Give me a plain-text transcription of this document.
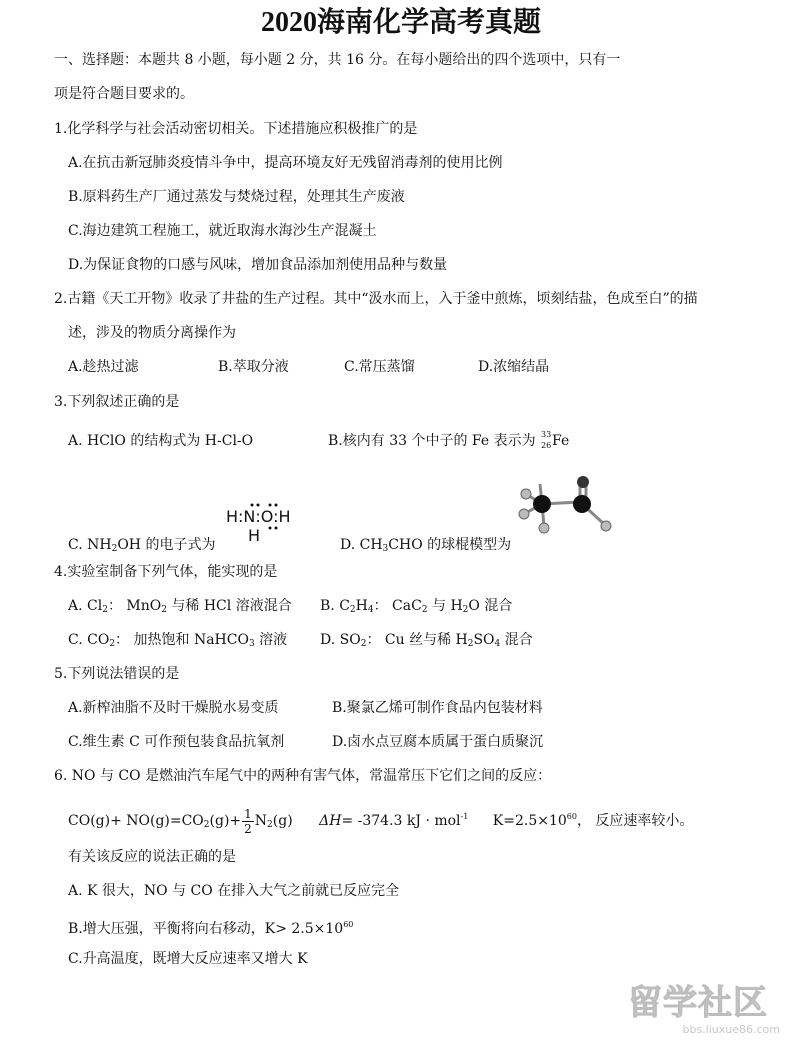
2020海南化学高考真题
一、选择题：本题共 8 小题，每小题 2 分，共 16 分。在每小题给出的四个选项中，只有一
项是符合题目要求的。
1.化学科学与社会活动密切相关。下述措施应积极推广的是
A.在抗击新冠肺炎疫情斗争中，提高环境友好无残留消毒剂的使用比例
B.原料药生产厂通过蒸发与焚烧过程，处理其生产废液
C.海边建筑工程施工，就近取海水海沙生产混凝土
D.为保证食物的口感与风味，增加食品添加剂使用品种与数量
2.古籍《天工开物》收录了井盐的生产过程。其中“汲水而上，入于釜中煎炼，顷刻结盐，色成至白”的描
述，涉及的物质分离操作为
A.趁热过滤	B.萃取分液	C.常压蒸馏	D.浓缩结晶
3.下列叙述正确的是
A. HClO 的结构式为 H-Cl-O	B.核内有 33 个中子的 Fe 表示为 33
26 Fe
H:N:O:H
H
C. $NH_2OH$ 的电子式为	D. $CH_3CHO$ 的球棍模型为
4.实验室制备下列气体，能实现的是
A. $Cl_2$： MnO$_2$ 与稀 HCl 溶液混合 B. $C_2H_4$： CaC$_2$ 与 $H_2O$ 混合
C. $CO_2$： 加热饱和 NaHCO$_3$ 溶液 D. $SO_2$： Cu 丝与稀 $H_2SO_4$ 混合
5.下列说法错误的是
A.新榨油脂不及时干燥脱水易变质	B.聚氯乙烯可制作食品内包装材料
C.维生素 C 可作预包装食品抗氧剂	D.卤水点豆腐本质属于蛋白质聚沉
6. NO 与 CO 是燃油汽车尾气中的两种有害气体，常温常压下它们之间的反应：
$CO(g)+ NO(g)=CO_2(g)+ \frac{1}{2} N_2(g)$ ΔH= -374.3 kJ · mol$^{-1}$ $K=2.5\times 10^{60}$， 反应速率较小。
有关该反应的说法正确的是
A. K 很大，NO 与 CO 在排入大气之前就已反应完全
B.增大压强，平衡将向右移动，$K> 2.5\times 10^{60}$
C.升高温度，既增大反应速率又增大 K
留学社区
bbs.liuxue86.com
